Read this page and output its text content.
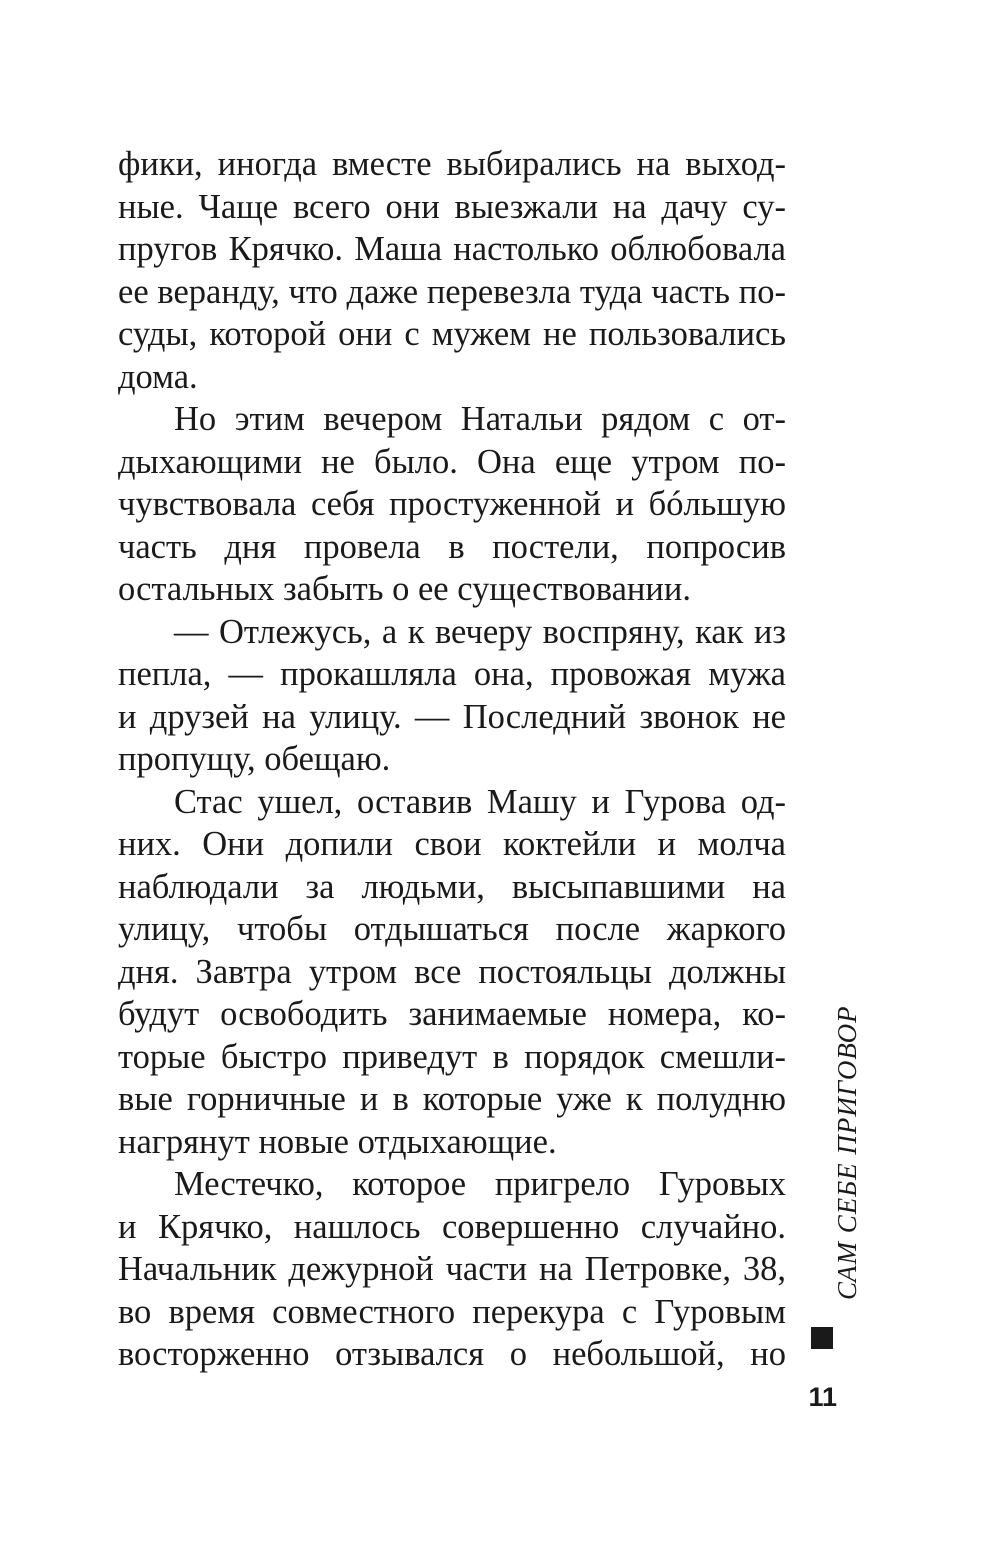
фики, иногда вместе выбирались на выход-
ные. Чаще всего они выезжали на дачу су-
пругов Крячко. Маша настолько облюбовала
ее веранду, что даже перевезла туда часть по-
суды, которой они с мужем не пользовались
дома.
Но этим вечером Натальи рядом с от-
дыхающими не было. Она еще утром по-
чувствовала себя простуженной и бóльшую
часть дня провела в постели, попросив
остальных забыть о ее существовании.
— Отлежусь, а к вечеру воспряну, как из
пепла, — прокашляла она, провожая мужа
и друзей на улицу. — Последний звонок не
пропущу, обещаю.
Стас ушел, оставив Машу и Гурова од-
них. Они допили свои коктейли и молча
наблюдали за людьми, высыпавшими на
улицу, чтобы отдышаться после жаркого
дня. Завтра утром все постояльцы должны
будут освободить занимаемые номера, ко-
торые быстро приведут в порядок смешли-
вые горничные и в которые уже к полудню
нагрянут новые отдыхающие.
Местечко, которое пригрело Гуровых
и Крячко, нашлось совершенно случайно.
Начальник дежурной части на Петровке, 38,
во время совместного перекура с Гуровым
восторженно отзывался о небольшой, но
САМ СЕБЕ ПРИГОВОР
11
